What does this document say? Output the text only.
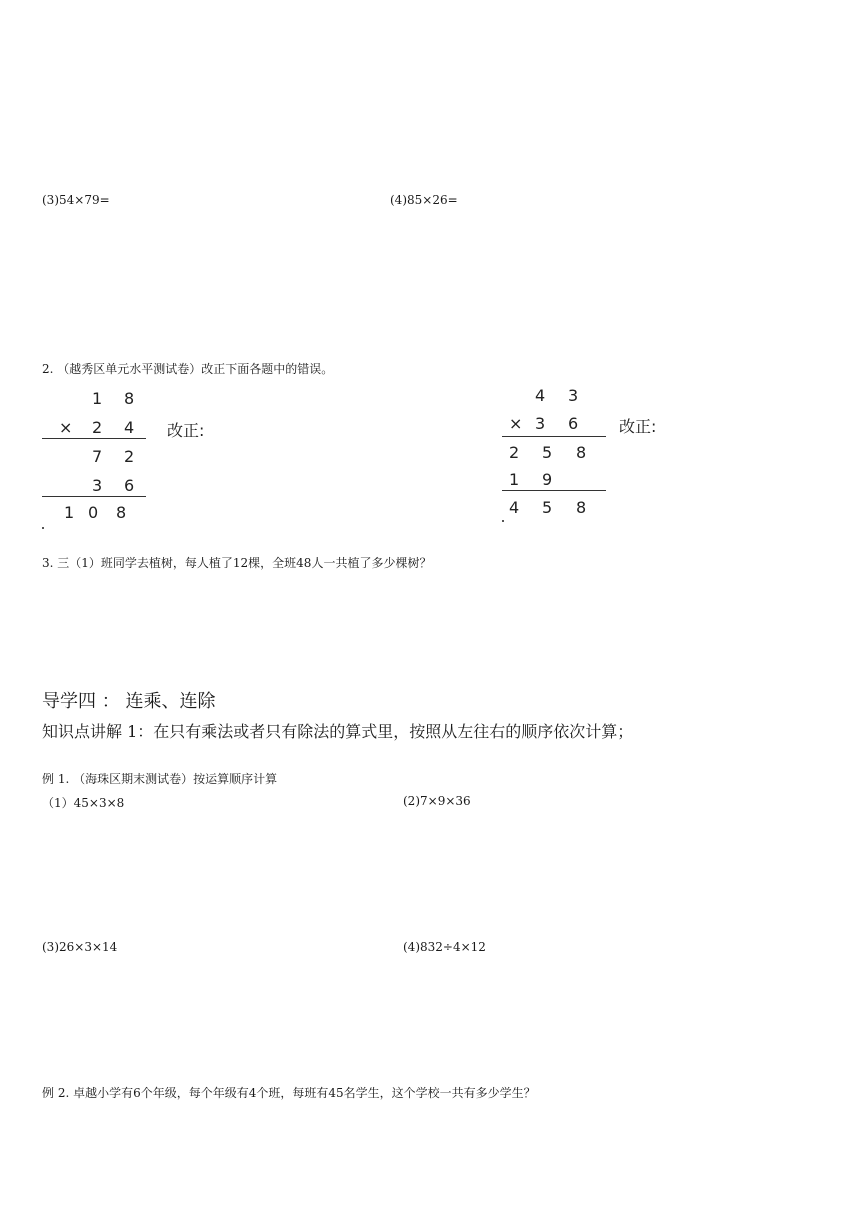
(3)54×79=	(4)85×26=
2. （越秀区单元水平测试卷）改正下面各题中的错误。
1 8
× 2 4
7 2
3 6
1 0 8
改正:
4 3
× 3 6
2 5 8
1 9
4 5 8
改正:
3. 三（1）班同学去植树，每人植了12棵，全班48人一共植了多少棵树？
导学四 ： 连乘、连除
知识点讲解 1：在只有乘法或者只有除法的算式里，按照从左往右的顺序依次计算；
例 1. （海珠区期末测试卷）按运算顺序计算
（1）45×3×8	(2)7×9×36
(3)26×3×14	(4)832÷4×12
例 2. 卓越小学有6个年级，每个年级有4个班，每班有45名学生，这个学校一共有多少学生？
